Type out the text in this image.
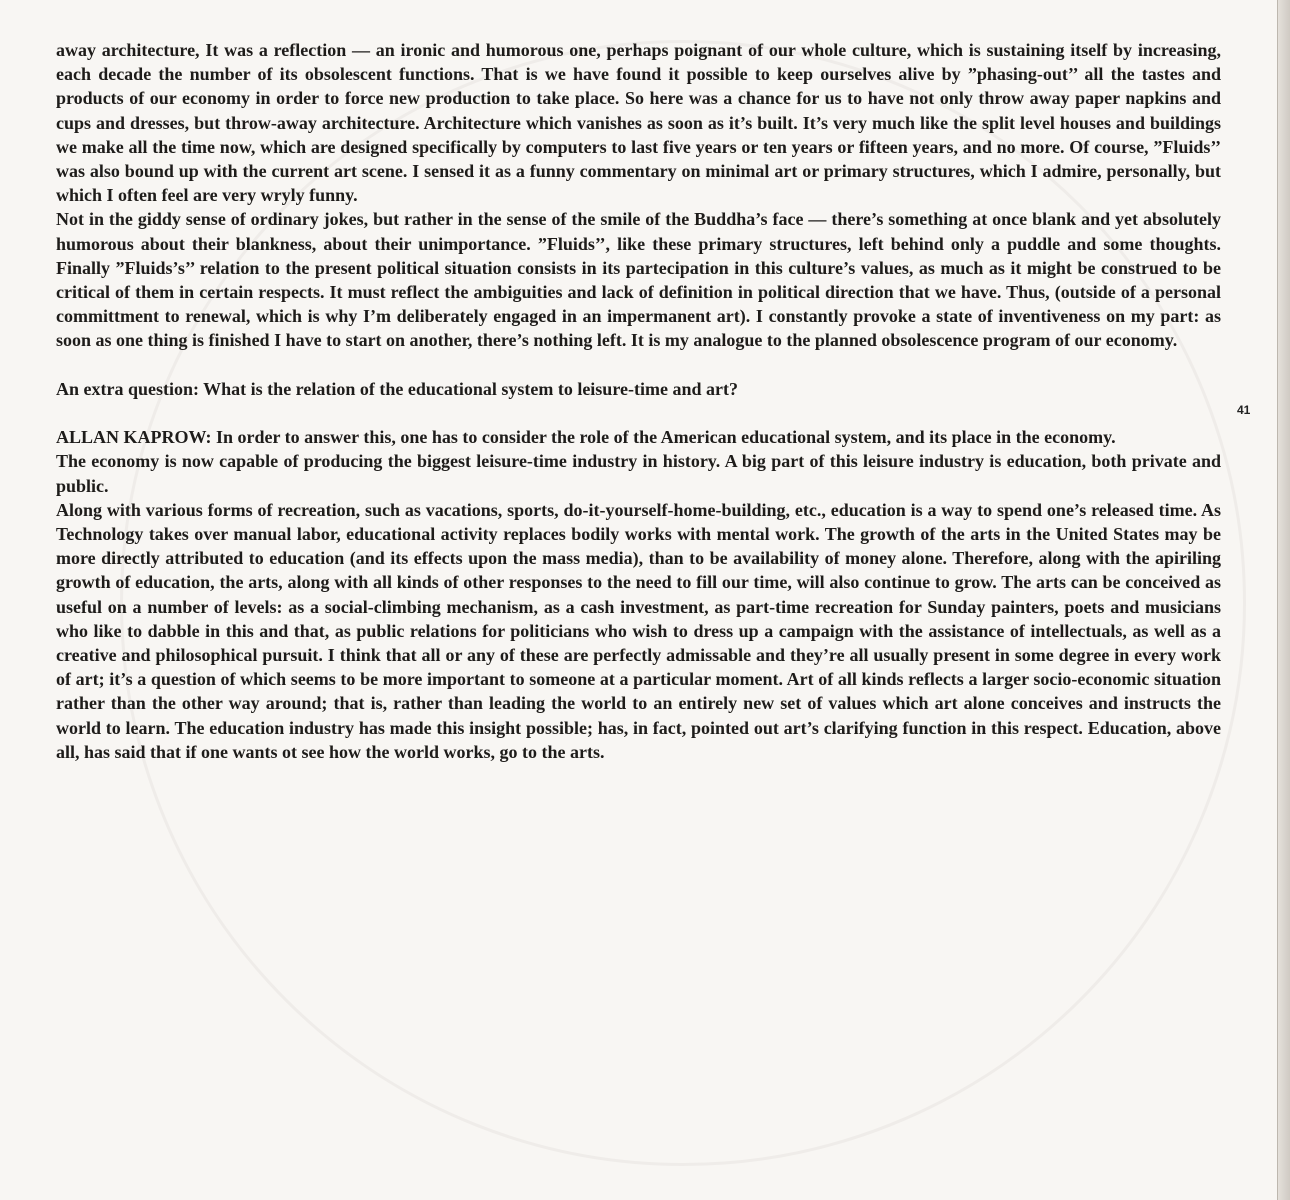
away architecture, It was a reflection — an ironic and humorous one, perhaps poignant of our whole culture, which is sustaining itself by increasing, each decade the number of its obsolescent functions. That is we have found it possible to keep ourselves alive by ”phasing-out’’ all the tastes and products of our economy in order to force new production to take place. So here was a chance for us to have not only throw away paper napkins and cups and dresses, but throw-away architecture. Architecture which vanishes as soon as it’s built. It’s very much like the split level houses and buildings we make all the time now, which are designed specifically by computers to last five years or ten years or fifteen years, and no more. Of course, ”Fluids’’ was also bound up with the current art scene. I sensed it as a funny commentary on minimal art or primary structures, which I admire, personally, but which I often feel are very wryly funny.

Not in the giddy sense of ordinary jokes, but rather in the sense of the smile of the Buddha’s face — there’s something at once blank and yet absolutely humorous about their blankness, about their unimportance. ”Fluids’’, like these primary structures, left behind only a puddle and some thoughts. Finally ”Fluids’s’’ relation to the present political situation consists in its partecipation in this culture’s values, as much as it might be construed to be critical of them in certain respects. It must reflect the ambiguities and lack of definition in political direction that we have. Thus, (outside of a personal committment to renewal, which is why I’m deliberately engaged in an impermanent art). I constantly provoke a state of inventiveness on my part: as soon as one thing is finished I have to start on another, there’s nothing left. It is my analogue to the planned obsolescence program of our economy.

An extra question: What is the relation of the educational system to leisure-time and art?

ALLAN KAPROW: In order to answer this, one has to consider the role of the American educational system, and its place in the economy.

The economy is now capable of producing the biggest leisure-time industry in history. A big part of this leisure industry is education, both private and public.

Along with various forms of recreation, such as vacations, sports, do-it-yourself-home-building, etc., education is a way to spend one’s released time. As Technology takes over manual labor, educational activity replaces bodily works with mental work. The growth of the arts in the United States may be more directly attributed to education (and its effects upon the mass media), than to be availability of money alone. Therefore, along with the apiriling growth of education, the arts, along with all kinds of other responses to the need to fill our time, will also continue to grow. The arts can be conceived as useful on a number of levels: as a social-climbing mechanism, as a cash investment, as part-time recreation for Sunday painters, poets and musicians who like to dabble in this and that, as public relations for politicians who wish to dress up a campaign with the assistance of intellectuals, as well as a creative and philosophical pursuit. I think that all or any of these are perfectly admissable and they’re all usually present in some degree in every work of art; it’s a question of which seems to be more important to someone at a particular moment. Art of all kinds reflects a larger socio-economic situation rather than the other way around; that is, rather than leading the world to an entirely new set of values which art alone conceives and instructs the world to learn. The education industry has made this insight possible; has, in fact, pointed out art’s clarifying function in this respect. Education, above all, has said that if one wants ot see how the world works, go to the arts.

41
